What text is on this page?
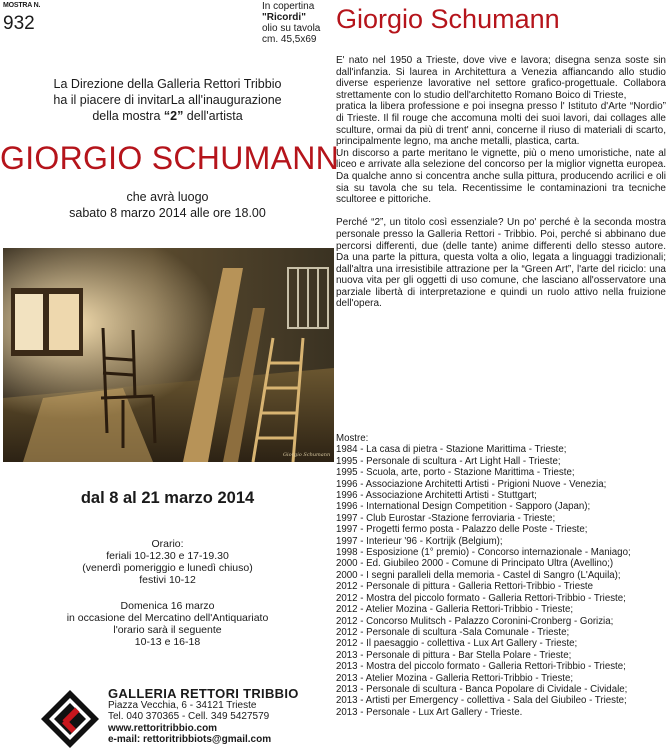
MOSTRA N.
932
In copertina
"Ricordi"
olio su tavola
cm. 45,5x69
La Direzione della Galleria Rettori Tribbio
ha il piacere di invitarLa all'inaugurazione
della mostra “2” dell'artista
GIORGIO SCHUMANN
che avrà luogo
sabato 8 marzo 2014 alle ore 18.00
Giorgio Schumann
dal 8 al 21 marzo 2014
Orario:
feriali 10-12.30 e 17-19.30
(venerdì pomeriggio e lunedì chiuso)
festivi 10-12
Domenica 16 marzo
in occasione del Mercatino dell'Antiquariato
l'orario sarà il seguente
10-13 e 16-18
GALLERIA RETTORI TRIBBIO
Piazza Vecchia, 6 - 34121 Trieste
Tel. 040 370365 - Cell. 349 5427579
www.rettoritribbio.com
e-mail: rettoritribbiots@gmail.com
Giorgio Schumann

E' nato nel 1950 a Trieste, dove vive e lavora; disegna senza soste sin dall'infanzia. Si laurea in Architettura a Venezia affiancando allo studio diverse esperienze lavorative nel settore grafico-progettuale. Collabora strettamente con lo studio dell'architetto Romano Boico di Trieste,

pratica la libera professione e poi insegna presso l' Istituto d'Arte “Nordio” di Trieste. Il fil rouge che accomuna molti dei suoi lavori, dai collages alle sculture, ormai da più di trent' anni, concerne il riuso di materiali di scarto, principalmente legno, ma anche metalli, plastica, carta.

Un discorso a parte meritano le vignette, più o meno umoristiche, nate al liceo e arrivate alla selezione del concorso per la miglior vignetta europea. Da qualche anno si concentra anche sulla pittura, producendo acrilici e oli sia su tavola che su tela. Recentissime le contaminazioni tra tecniche scultoree e pittoriche.

Perché “2”, un titolo così essenziale? Un po' perché è la seconda mostra personale presso la Galleria Rettori - Tribbio. Poi, perché si abbinano due percorsi differenti, due (delle tante) anime differenti dello stesso autore. Da una parte la pittura, questa volta a olio, legata a linguaggi tradizionali; dall'altra una irresistibile attrazione per la “Green Art”, l'arte del riciclo: una nuova vita per gli oggetti di uso comune, che lasciano all'osservatore una parziale libertà di interpretazione e quindi un ruolo attivo nella fruizione dell'opera.

Mostre:
1984 - La casa di pietra - Stazione Marittima - Trieste;
1995 - Personale di scultura - Art Light Hall - Trieste;
1995 - Scuola, arte, porto - Stazione Marittima - Trieste;
1996 - Associazione Architetti Artisti - Prigioni Nuove - Venezia;
1996 - Associazione Architetti Artisti - Stuttgart;
1996 - International Design Competition - Sapporo (Japan);
1997 - Club Eurostar -Stazione ferroviaria - Trieste;
1997 - Progetti fermo posta - Palazzo delle Poste - Trieste;
1997 - Interieur '96 - Kortrijk (Belgium);
1998 - Esposizione (1° premio) - Concorso internazionale - Maniago;
2000 - Ed. Giubileo 2000 - Comune di Principato Ultra (Avellino;)
2000 - I segni paralleli della memoria - Castel di Sangro (L'Aquila);
2012 - Personale di pittura - Galleria Rettori-Tribbio - Trieste
2012 - Mostra del piccolo formato - Galleria Rettori-Tribbio - Trieste;
2012 - Atelier Mozina - Galleria Rettori-Tribbio - Trieste;
2012 - Concorso Mulitsch - Palazzo Coronini-Cronberg - Gorizia;
2012 - Personale di scultura -Sala Comunale - Trieste;
2012 - Il paesaggio - collettiva - Lux Art Gallery - Trieste;
2013 - Personale di pittura - Bar Stella Polare - Trieste;
2013 - Mostra del piccolo formato - Galleria Rettori-Tribbio - Trieste;
2013 - Atelier Mozina - Galleria Rettori-Tribbio - Trieste;
2013 - Personale di scultura - Banca Popolare di Cividale - Cividale;
2013 - Artisti per Emergency - collettiva - Sala del Giubileo - Trieste;
2013 - Personale - Lux Art Gallery - Trieste.
